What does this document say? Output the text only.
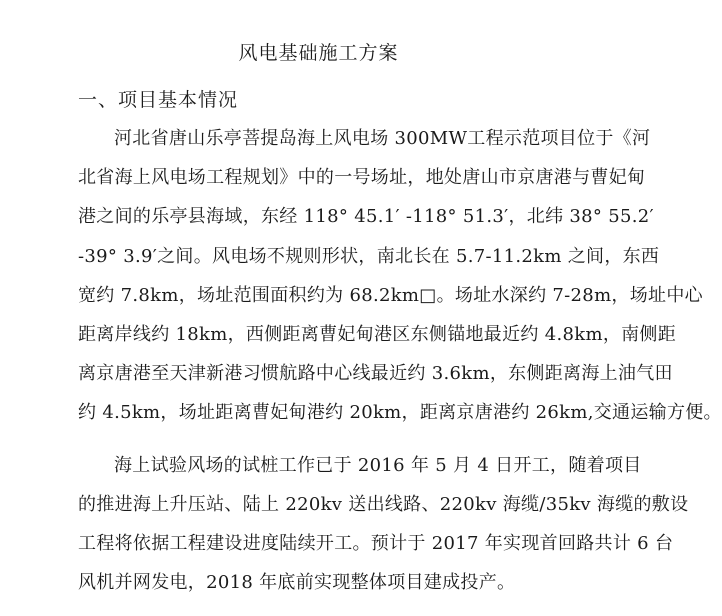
风电基础施工方案
一、项目基本情况
河北省唐山乐亭菩提岛海上风电场 300MW工程示范项目位于《河
北省海上风电场工程规划》中的一号场址，地处唐山市京唐港与曹妃甸
港之间的乐亭县海域，东经 118° 45.1′ -118° 51.3′，北纬 38° 55.2′
-39° 3.9′之间。风电场不规则形状，南北长在 5.7-11.2km 之间，东西
宽约 7.8km，场址范围面积约为 68.2km□。场址水深约 7-28m，场址中心
距离岸线约 18km，西侧距离曹妃甸港区东侧锚地最近约 4.8km，南侧距
离京唐港至天津新港习惯航路中心线最近约 3.6km，东侧距离海上油气田
约 4.5km，场址距离曹妃甸港约 20km，距离京唐港约 26km,交通运输方便。
海上试验风场的试桩工作已于 2016 年 5 月 4 日开工，随着项目
的推进海上升压站、陆上 220kv 送出线路、220kv 海缆/35kv 海缆的敷设
工程将依据工程建设进度陆续开工。预计于 2017 年实现首回路共计 6 台
风机并网发电，2018 年底前实现整体项目建成投产。
